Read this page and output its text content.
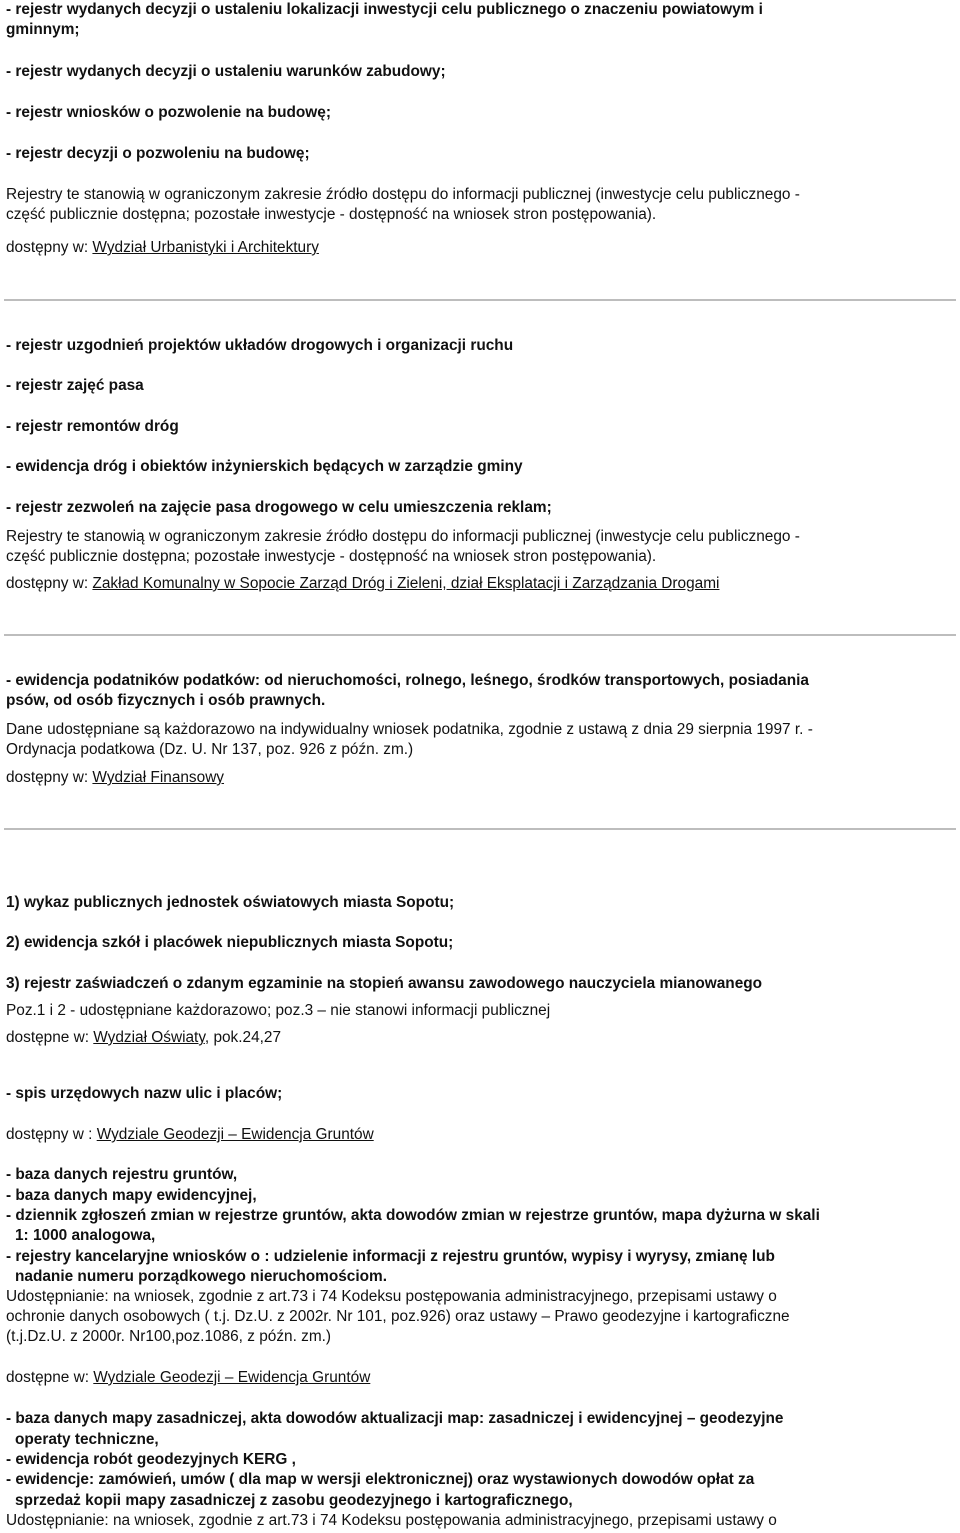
- rejestr wydanych decyzji o ustaleniu lokalizacji inwestycji celu publicznego o znaczeniu powiatowym i
gminnym;
- rejestr wydanych decyzji o ustaleniu warunków zabudowy;
- rejestr wniosków o pozwolenie na budowę;
- rejestr decyzji o pozwoleniu na budowę;
Rejestry te stanowią w ograniczonym zakresie źródło dostępu do informacji publicznej (inwestycje celu publicznego -
część publicznie dostępna; pozostałe inwestycje - dostępność na wniosek stron postępowania).
dostępny w: Wydział Urbanistyki i Architektury
- rejestr uzgodnień projektów układów drogowych i organizacji ruchu
- rejestr zajęć pasa
- rejestr remontów dróg
- ewidencja dróg i obiektów inżynierskich będących w zarządzie gminy
- rejestr zezwoleń na zajęcie pasa drogowego w celu umieszczenia reklam;
Rejestry te stanowią w ograniczonym zakresie źródło dostępu do informacji publicznej (inwestycje celu publicznego -
część publicznie dostępna; pozostałe inwestycje - dostępność na wniosek stron postępowania).
dostępny w: Zakład Komunalny w Sopocie Zarząd Dróg i Zieleni, dział Eksplatacji i Zarządzania Drogami
- ewidencja podatników podatków: od nieruchomości, rolnego, leśnego, środków transportowych, posiadania
psów, od osób fizycznych i osób prawnych.
Dane udostępniane są każdorazowo na indywidualny wniosek podatnika, zgodnie z ustawą z dnia 29 sierpnia 1997 r. -
Ordynacja podatkowa (Dz. U. Nr 137, poz. 926 z późn. zm.)
dostępny w: Wydział Finansowy
1) wykaz publicznych jednostek oświatowych miasta Sopotu;
2) ewidencja szkół i placówek niepublicznych miasta Sopotu;
3) rejestr zaświadczeń o zdanym egzaminie na stopień awansu zawodowego nauczyciela mianowanego
Poz.1 i 2 - udostępniane każdorazowo; poz.3 – nie stanowi informacji publicznej
dostępne w: Wydział Oświaty, pok.24,27
- spis urzędowych nazw ulic i placów;
dostępny w : Wydziale Geodezji – Ewidencja Gruntów
- baza danych rejestru gruntów,
- baza danych mapy ewidencyjnej,
- dziennik zgłoszeń zmian w rejestrze gruntów, akta dowodów zmian w rejestrze gruntów, mapa dyżurna w skali
1: 1000 analogowa,
- rejestry kancelaryjne wniosków o : udzielenie informacji z rejestru gruntów, wypisy i wyrysy, zmianę lub
nadanie numeru porządkowego nieruchomościom.
Udostępnianie: na wniosek, zgodnie z art.73 i 74 Kodeksu postępowania administracyjnego, przepisami ustawy o
ochronie danych osobowych ( t.j. Dz.U. z 2002r. Nr 101, poz.926) oraz ustawy – Prawo geodezyjne i kartograficzne
(t.j.Dz.U. z 2000r. Nr100,poz.1086, z późn. zm.)
dostępne w: Wydziale Geodezji – Ewidencja Gruntów
- baza danych mapy zasadniczej, akta dowodów aktualizacji map: zasadniczej i ewidencyjnej – geodezyjne
operaty techniczne,
- ewidencja robót geodezyjnych KERG ,
- ewidencje: zamówień, umów ( dla map w wersji elektronicznej) oraz wystawionych dowodów opłat za
sprzedaż kopii mapy zasadniczej z zasobu geodezyjnego i kartograficznego,
Udostępnianie: na wniosek, zgodnie z art.73 i 74 Kodeksu postępowania administracyjnego, przepisami ustawy o
